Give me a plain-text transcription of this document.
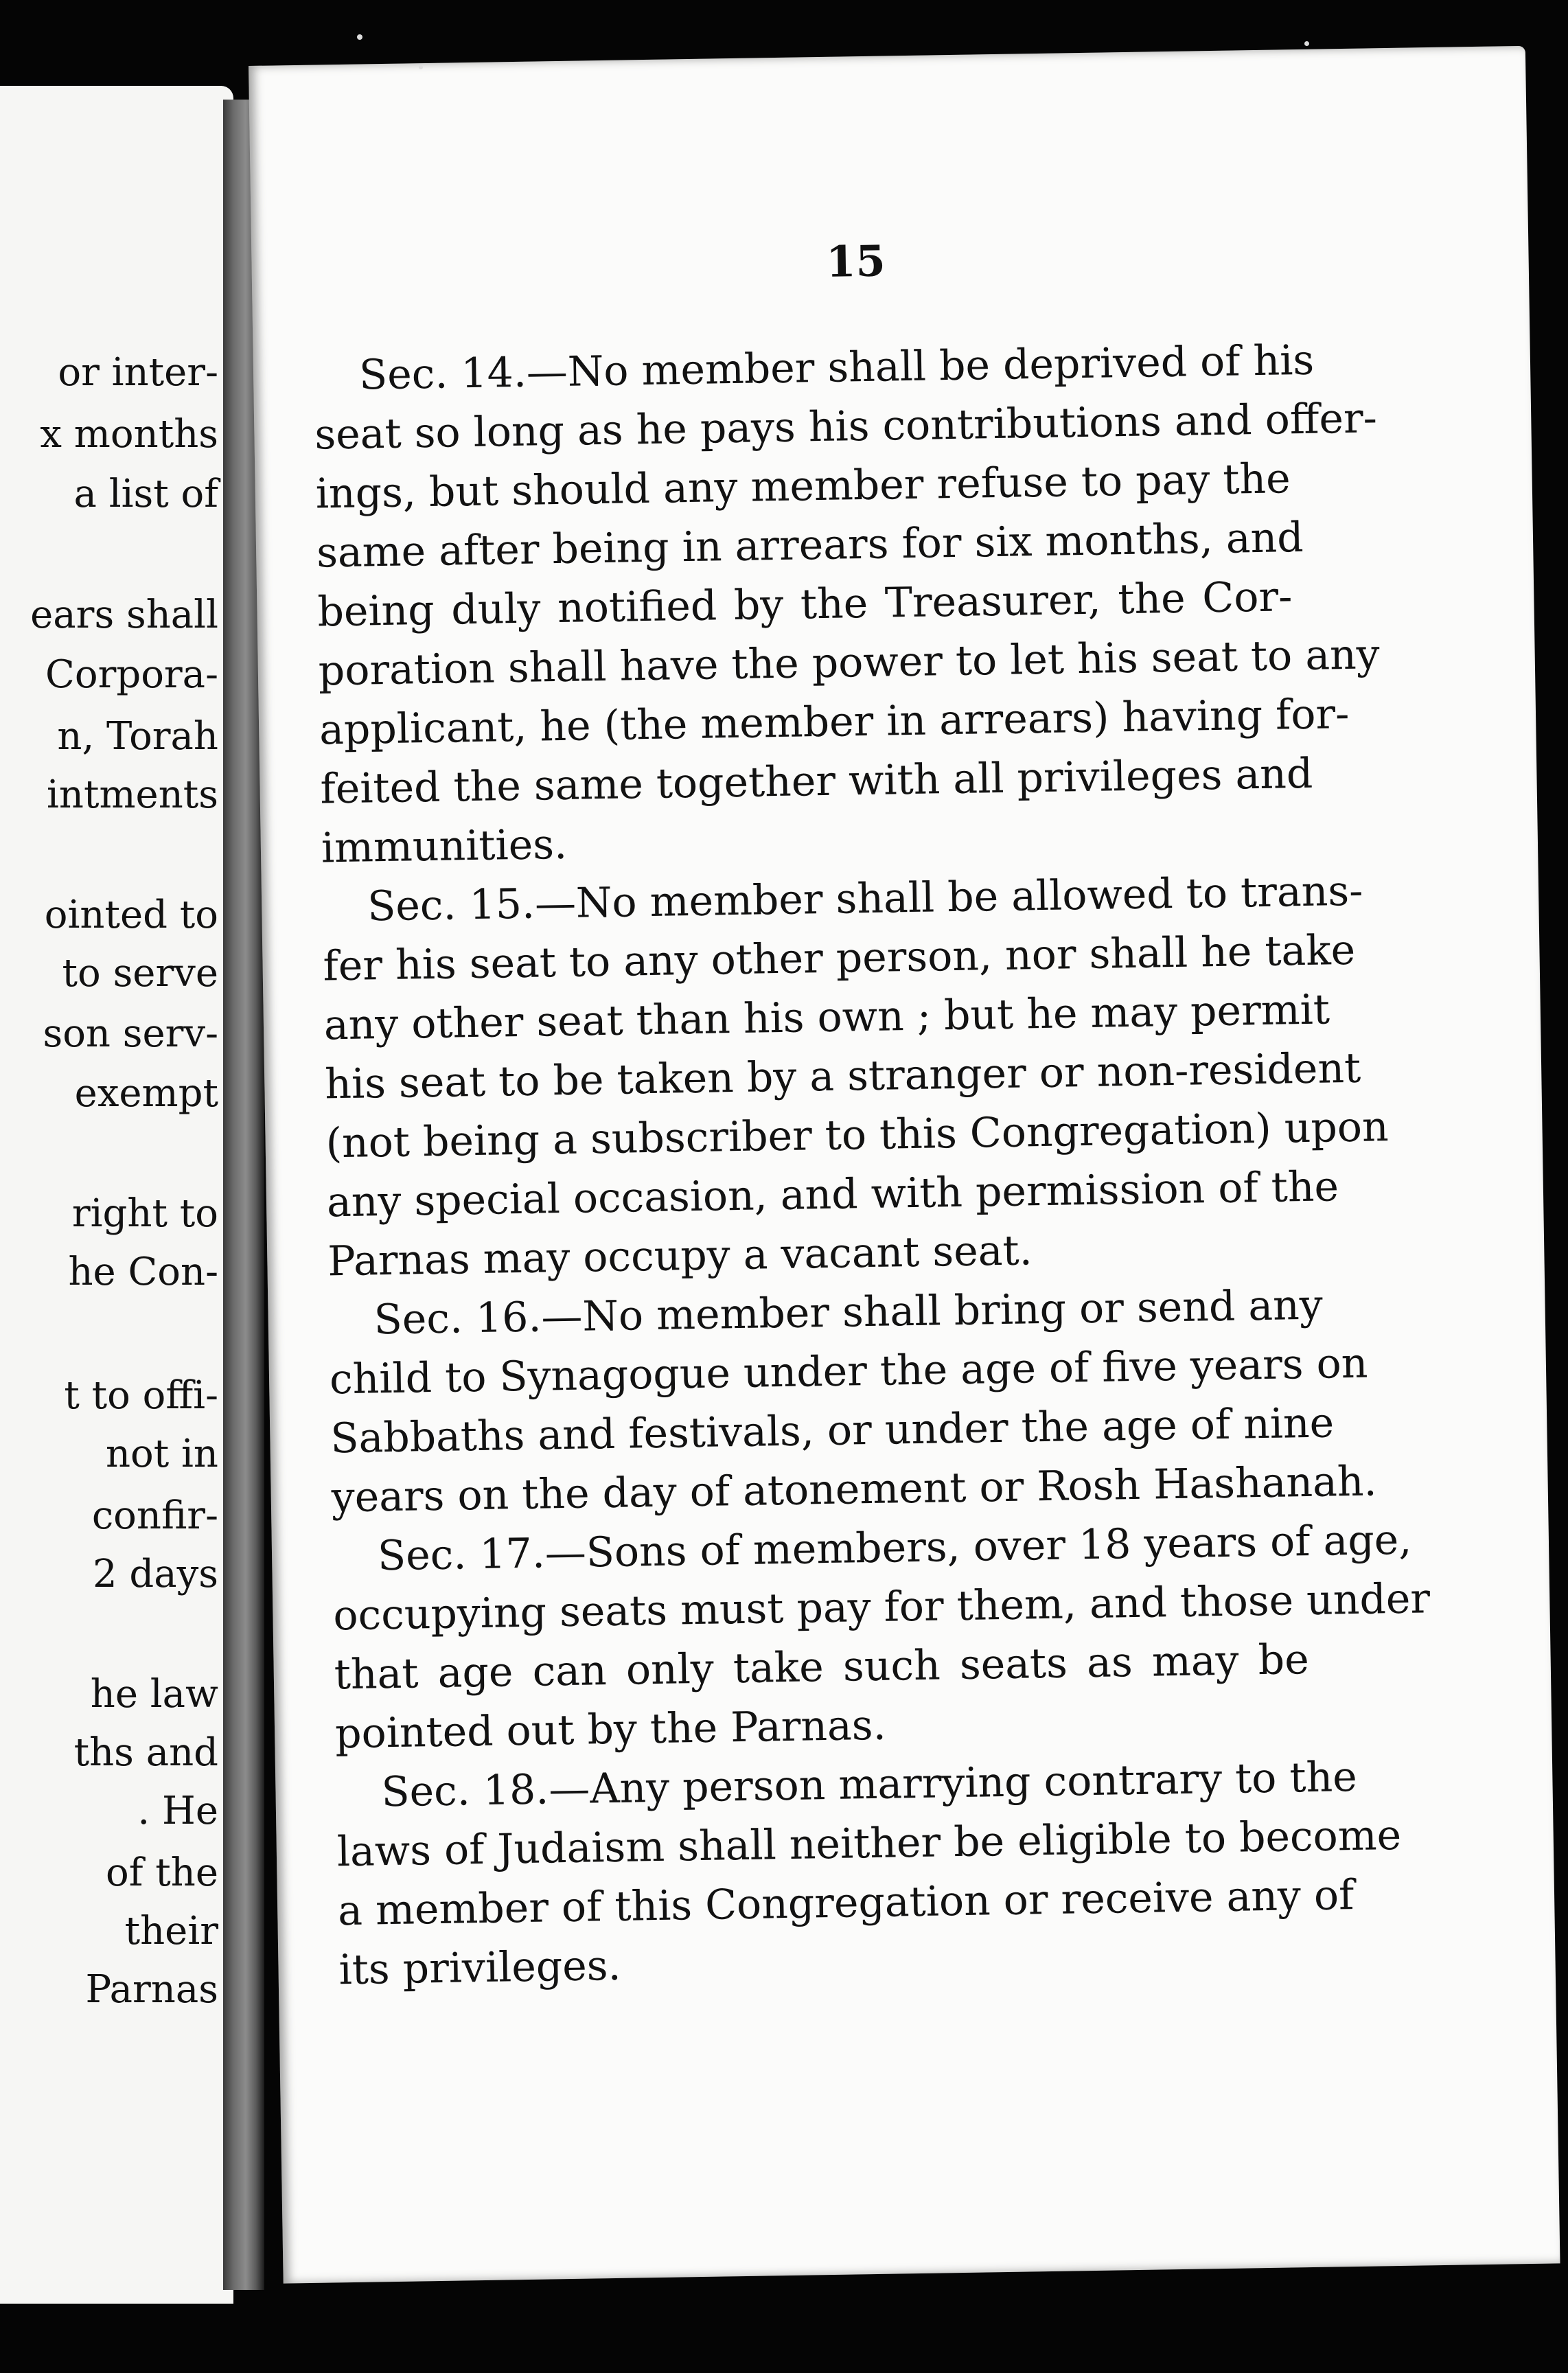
or inter-
x months
a list of
ears shall
Corpora-
n, Torah
intments
ointed to
to serve
son serv-
exempt
right to
he Con-
t to offi-
not in
confir-
2 days
he law
ths and
. He
of the
their
Parnas
15
Sec. 14.—No member shall be deprived of his
seat so long as he pays his contributions and offer-
ings, but should any member refuse to pay the
same after being in arrears for six months, and
being duly notified by the Treasurer, the Cor-
poration shall have the power to let his seat to any
applicant, he (the member in arrears) having for-
feited the same together with all privileges and
immunities.
Sec. 15.—No member shall be allowed to trans-
fer his seat to any other person, nor shall he take
any other seat than his own ; but he may permit
his seat to be taken by a stranger or non-resident
(not being a subscriber to this Congregation) upon
any special occasion, and with permission of the
Parnas may occupy a vacant seat.
Sec. 16.—No member shall bring or send any
child to Synagogue under the age of five years on
Sabbaths and festivals, or under the age of nine
years on the day of atonement or Rosh Hashanah.
Sec. 17.—Sons of members, over 18 years of age,
occupying seats must pay for them, and those under
that age can only take such seats as may be
pointed out by the Parnas.
Sec. 18.—Any person marrying contrary to the
laws of Judaism shall neither be eligible to become
a member of this Congregation or receive any of
its privileges.
